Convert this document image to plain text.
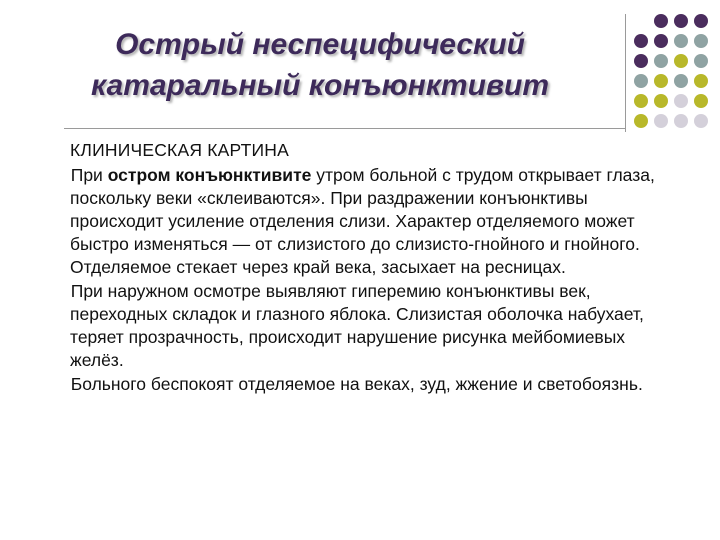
Острый неспецифический
катаральный конъюнктивит
КЛИНИЧЕСКАЯ КАРТИНА
При остром конъюнктивите утром больной с трудом открывает глаза, поскольку веки «склеиваются». При раздражении конъюнктивы происходит усиление отделения слизи. Характер отделяемого может быстро изменяться — от слизистого до слизисто-гнойного и гнойного. Отделяемое стекает через край века, засыхает на ресницах.
При наружном осмотре выявляют гиперемию конъюнктивы век, переходных складок и глазного яблока. Слизистая оболочка набухает, теряет прозрачность, происходит нарушение рисунка мейбомиевых желёз.
Больного беспокоят отделяемое на веках, зуд, жжение и светобоязнь.
